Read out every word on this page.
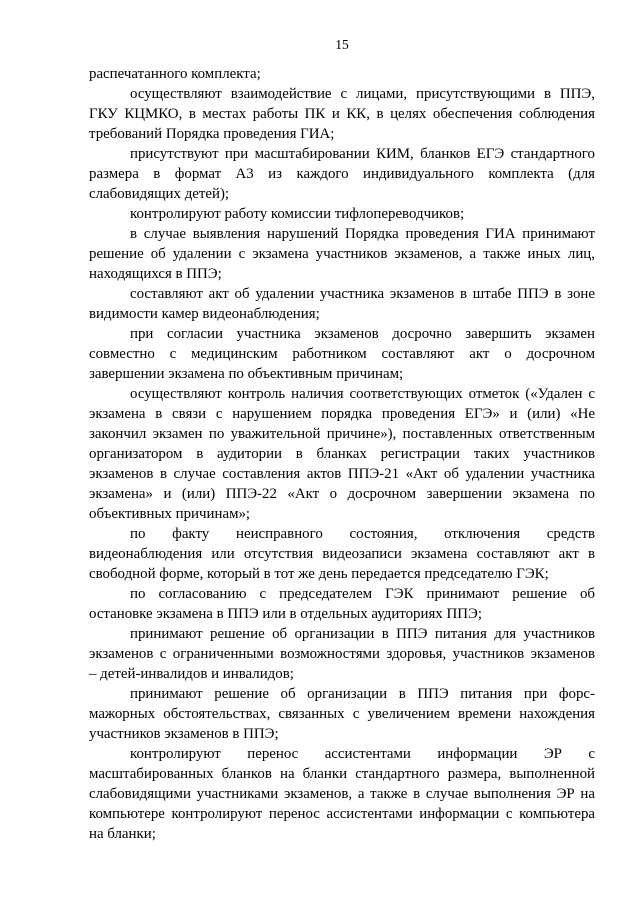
15
распечатанного комплекта;
осуществляют взаимодействие с лицами, присутствующими в ППЭ,
ГКУ КЦМКО, в местах работы ПК и КК, в целях обеспечения соблюдения
требований Порядка проведения ГИА;
присутствуют при масштабировании КИМ, бланков ЕГЭ стандартного
размера в формат А3 из каждого индивидуального комплекта (для
слабовидящих детей);
контролируют работу комиссии тифлопереводчиков;
в случае выявления нарушений Порядка проведения ГИА принимают
решение об удалении с экзамена участников экзаменов, а также иных лиц,
находящихся в ППЭ;
составляют акт об удалении участника экзаменов в штабе ППЭ в зоне
видимости камер видеонаблюдения;
при согласии участника экзаменов досрочно завершить экзамен
совместно с медицинским работником составляют акт о досрочном
завершении экзамена по объективным причинам;
осуществляют контроль наличия соответствующих отметок («Удален с
экзамена в связи с нарушением порядка проведения ЕГЭ» и (или) «Не
закончил экзамен по уважительной причине»), поставленных ответственным
организатором в аудитории в бланках регистрации таких участников
экзаменов в случае составления актов ППЭ-21 «Акт об удалении участника
экзамена» и (или) ППЭ-22 «Акт о досрочном завершении экзамена по
объективных причинам»;
по факту неисправного состояния, отключения средств
видеонаблюдения или отсутствия видеозаписи экзамена составляют акт в
свободной форме, который в тот же день передается председателю ГЭК;
по согласованию с председателем ГЭК принимают решение об
остановке экзамена в ППЭ или в отдельных аудиториях ППЭ;
принимают решение об организации в ППЭ питания для участников
экзаменов с ограниченными возможностями здоровья, участников экзаменов
– детей-инвалидов и инвалидов;
принимают решение об организации в ППЭ питания при форс-
мажорных обстоятельствах, связанных с увеличением времени нахождения
участников экзаменов в ППЭ;
контролируют перенос ассистентами информации ЭР с
масштабированных бланков на бланки стандартного размера, выполненной
слабовидящими участниками экзаменов, а также в случае выполнения ЭР на
компьютере контролируют перенос ассистентами информации с компьютера
на бланки;
